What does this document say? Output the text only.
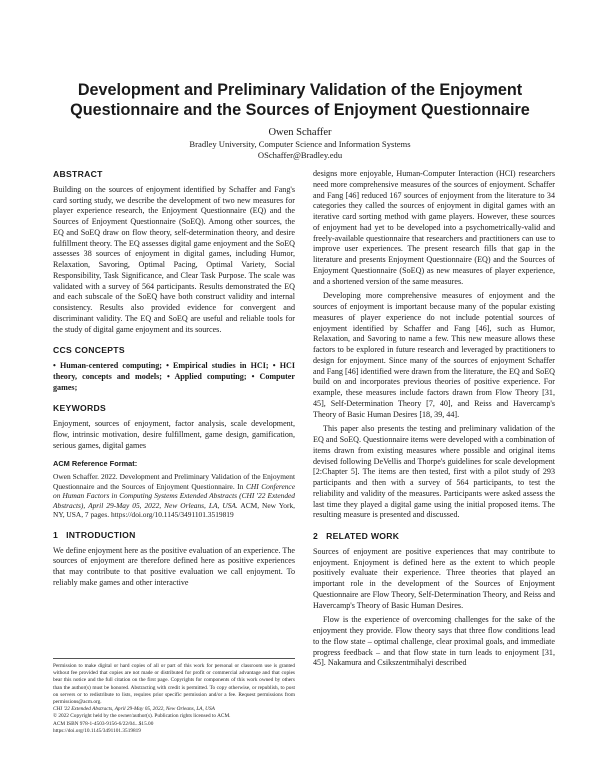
Development and Preliminary Validation of the Enjoyment Questionnaire and the Sources of Enjoyment Questionnaire
Owen Schaffer
Bradley University, Computer Science and Information Systems
OSchaffer@Bradley.edu
ABSTRACT

Building on the sources of enjoyment identified by Schaffer and Fang's card sorting study, we describe the development of two new measures for player experience research, the Enjoyment Questionnaire (EQ) and the Sources of Enjoyment Questionnaire (SoEQ). Among other sources, the EQ and SoEQ draw on flow theory, self-determination theory, and desire fulfillment theory. The EQ assesses digital game enjoyment and the SoEQ assesses 38 sources of enjoyment in digital games, including Humor, Relaxation, Savoring, Optimal Pacing, Optimal Variety, Social Responsibility, Task Significance, and Clear Task Purpose. The scale was validated with a survey of 564 participants. Results demonstrated the EQ and each subscale of the SoEQ have both construct validity and internal consistency. Results also provided evidence for convergent and discriminant validity. The EQ and SoEQ are useful and reliable tools for the study of digital game enjoyment and its sources.

CCS CONCEPTS

• Human-centered computing; • Empirical studies in HCI; • HCI theory, concepts and models; • Applied computing; • Computer games;

KEYWORDS

Enjoyment, sources of enjoyment, factor analysis, scale development, flow, intrinsic motivation, desire fulfillment, game design, gamification, serious games, digital games

ACM Reference Format:

Owen Schaffer. 2022. Development and Preliminary Validation of the Enjoyment Questionnaire and the Sources of Enjoyment Questionnaire. In CHI Conference on Human Factors in Computing Systems Extended Abstracts (CHI '22 Extended Abstracts), April 29-May 05, 2022, New Orleans, LA, USA. ACM, New York, NY, USA, 7 pages. https://doi.org/10.1145/3491101.3519819

1 INTRODUCTION

We define enjoyment here as the positive evaluation of an experience. The sources of enjoyment are therefore defined here as positive experiences that may contribute to that positive evaluation we call enjoyment. To reliably make games and other interactive

designs more enjoyable, Human-Computer Interaction (HCI) researchers need more comprehensive measures of the sources of enjoyment. Schaffer and Fang [46] reduced 167 sources of enjoyment from the literature to 34 categories they called the sources of enjoyment in digital games with an iterative card sorting method with game players. However, these sources of enjoyment had yet to be developed into a psychometrically-valid and freely-available questionnaire that researchers and practitioners can use to improve user experiences. The present research fills that gap in the literature and presents Enjoyment Questionnaire (EQ) and the Sources of Enjoyment Questionnaire (SoEQ) as new measures of player experience, and a shortened version of the same measures.

Developing more comprehensive measures of enjoyment and the sources of enjoyment is important because many of the popular existing measures of player experience do not include potential sources of enjoyment identified by Schaffer and Fang [46], such as Humor, Relaxation, and Savoring to name a few. This new measure allows these factors to be explored in future research and leveraged by practitioners to design for enjoyment. Since many of the sources of enjoyment Schaffer and Fang [46] identified were drawn from the literature, the EQ and SoEQ build on and incorporates previous theories of positive experience. For example, these measures include factors drawn from Flow Theory [31, 45], Self-Determination Theory [7, 40], and Reiss and Havercamp's Theory of Basic Human Desires [18, 39, 44].

This paper also presents the testing and preliminary validation of the EQ and SoEQ. Questionnaire items were developed with a combination of items drawn from existing measures where possible and original items devised following DeVellis and Thorpe's guidelines for scale development [2:Chapter 5]. The items are then tested, first with a pilot study of 293 participants and then with a survey of 564 participants, to test the reliability and validity of the measures. Participants were asked assess the last time they played a digital game using the initial proposed items. The resulting measure is presented and discussed.

2 RELATED WORK

Sources of enjoyment are positive experiences that may contribute to enjoyment. Enjoyment is defined here as the extent to which people positively evaluate their experience. Three theories that played an important role in the development of the Sources of Enjoyment Questionnaire are Flow Theory, Self-Determination Theory, and Reiss and Havercamp's Theory of Basic Human Desires.

Flow is the experience of overcoming challenges for the sake of the enjoyment they provide. Flow theory says that three flow conditions lead to the flow state – optimal challenge, clear proximal goals, and immediate progress feedback – and that flow state in turn leads to enjoyment [31, 45]. Nakamura and Csikszentmihalyi described

Permission to make digital or hard copies of all or part of this work for personal or classroom use is granted without fee provided that copies are not made or distributed for profit or commercial advantage and that copies bear this notice and the full citation on the first page. Copyrights for components of this work owned by others than the author(s) must be honored. Abstracting with credit is permitted. To copy otherwise, or republish, to post on servers or to redistribute to lists, requires prior specific permission and/or a fee. Request permissions from permissions@acm.org.

CHI '22 Extended Abstracts, April 29-May 05, 2022, New Orleans, LA, USA

© 2022 Copyright held by the owner/author(s). Publication rights licensed to ACM.

ACM ISBN 978-1-4503-9156-6/22/04...$15.00

https://doi.org/10.1145/3491101.3519819
